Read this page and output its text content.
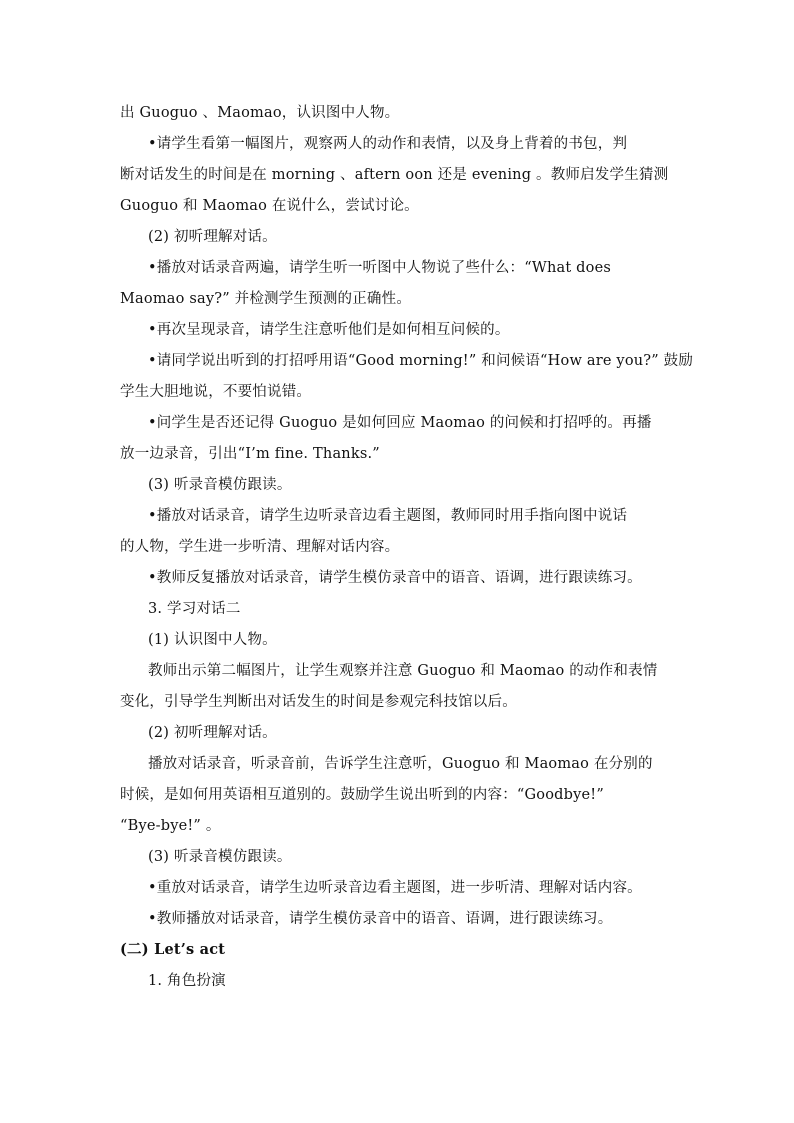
出 Guoguo 、Maomao，认识图中人物。
•请学生看第一幅图片，观察两人的动作和表情，以及身上背着的书包，判
断对话发生的时间是在 morning 、aftern oon 还是 evening 。教师启发学生猜测
Guoguo 和 Maomao 在说什么，尝试讨论。
(2) 初听理解对话。
•播放对话录音两遍，请学生听一听图中人物说了些什么：“What does
Maomao say?” 并检测学生预测的正确性。
•再次呈现录音，请学生注意听他们是如何相互问候的。
•请同学说出听到的打招呼用语“Good morning!” 和问候语“How are you?” 鼓励
学生大胆地说，不要怕说错。
•问学生是否还记得 Guoguo 是如何回应 Maomao 的问候和打招呼的。再播
放一边录音，引出“I’m fine. Thanks.”
(3) 听录音模仿跟读。
•播放对话录音，请学生边听录音边看主题图，教师同时用手指向图中说话
的人物，学生进一步听清、理解对话内容。
•教师反复播放对话录音，请学生模仿录音中的语音、语调，进行跟读练习。
3. 学习对话二
(1) 认识图中人物。
教师出示第二幅图片，让学生观察并注意 Guoguo 和 Maomao 的动作和表情
变化，引导学生判断出对话发生的时间是参观完科技馆以后。
(2) 初听理解对话。
播放对话录音，听录音前，告诉学生注意听，Guoguo 和 Maomao 在分别的
时候，是如何用英语相互道别的。鼓励学生说出听到的内容：“Goodbye!”
“Bye-bye!” 。
(3) 听录音模仿跟读。
•重放对话录音，请学生边听录音边看主题图，进一步听清、理解对话内容。
•教师播放对话录音，请学生模仿录音中的语音、语调，进行跟读练习。
(二) Let’s act
1. 角色扮演
